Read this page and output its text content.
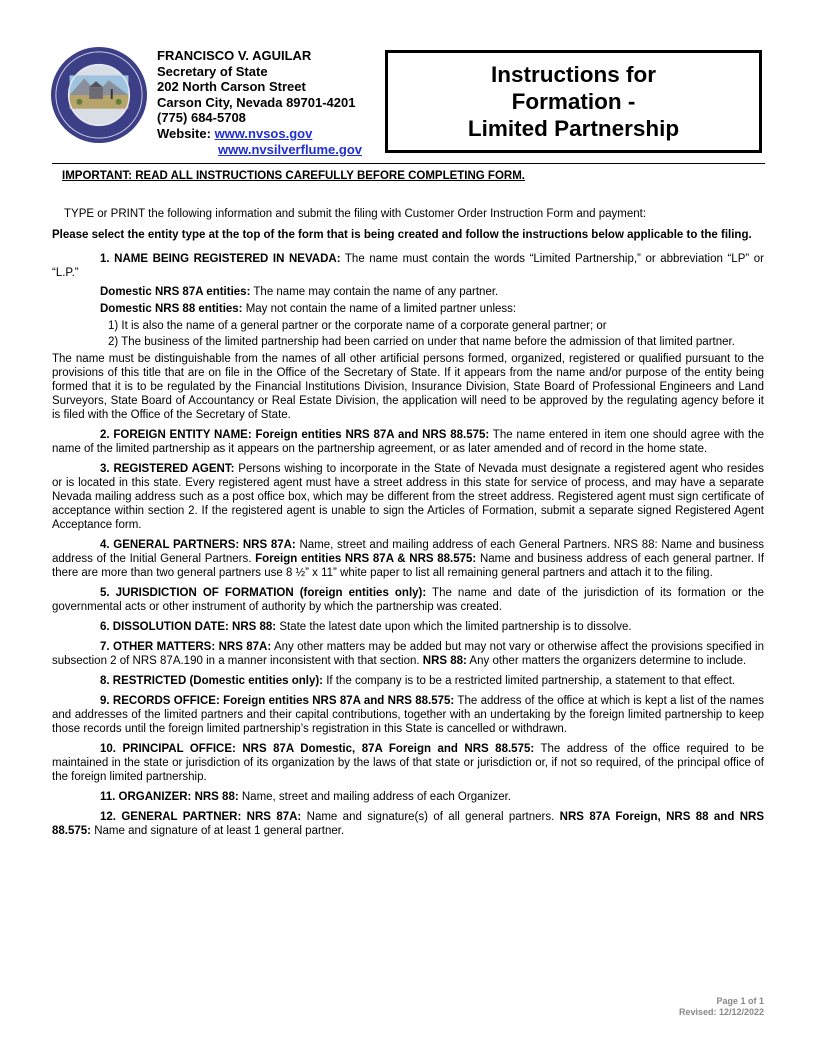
FRANCISCO V. AGUILAR
Secretary of State
202 North Carson Street
Carson City, Nevada 89701-4201
(775) 684-5708
Website: www.nvsos.gov
www.nvsilverflume.gov
Instructions for
Formation -
Limited Partnership
IMPORTANT: READ ALL INSTRUCTIONS CAREFULLY BEFORE COMPLETING FORM.

TYPE or PRINT the following information and submit the filing with Customer Order Instruction Form and payment:

Please select the entity type at the top of the form that is being created and follow the instructions below applicable to the filing.

1. NAME BEING REGISTERED IN NEVADA: The name must contain the words “Limited Partnership,” or abbreviation “LP” or “L.P.”

Domestic NRS 87A entities: The name may contain the name of any partner.

Domestic NRS 88 entities: May not contain the name of a limited partner unless:

1) It is also the name of a general partner or the corporate name of a corporate general partner; or

2) The business of the limited partnership had been carried on under that name before the admission of that limited partner.

The name must be distinguishable from the names of all other artificial persons formed, organized, registered or qualified pursuant to the provisions of this title that are on file in the Office of the Secretary of State. If it appears from the name and/or purpose of the entity being formed that it is to be regulated by the Financial Institutions Division, Insurance Division, State Board of Professional Engineers and Land Surveyors, State Board of Accountancy or Real Estate Division, the application will need to be approved by the regulating agency before it is filed with the Office of the Secretary of State.

2. FOREIGN ENTITY NAME: Foreign entities NRS 87A and NRS 88.575: The name entered in item one should agree with the name of the limited partnership as it appears on the partnership agreement, or as later amended and of record in the home state.

3. REGISTERED AGENT: Persons wishing to incorporate in the State of Nevada must designate a registered agent who resides or is located in this state. Every registered agent must have a street address in this state for service of process, and may have a separate Nevada mailing address such as a post office box, which may be different from the street address. Registered agent must sign certificate of acceptance within section 2. If the registered agent is unable to sign the Articles of Formation, submit a separate signed Registered Agent Acceptance form.

4. GENERAL PARTNERS: NRS 87A: Name, street and mailing address of each General Partners. NRS 88: Name and business address of the Initial General Partners. Foreign entities NRS 87A & NRS 88.575: Name and business address of each general partner. If there are more than two general partners use 8 ½” x 11” white paper to list all remaining general partners and attach it to the filing.

5. JURISDICTION OF FORMATION (foreign entities only): The name and date of the jurisdiction of its formation or the governmental acts or other instrument of authority by which the partnership was created.

6. DISSOLUTION DATE: NRS 88: State the latest date upon which the limited partnership is to dissolve.

7. OTHER MATTERS: NRS 87A: Any other matters may be added but may not vary or otherwise affect the provisions specified in subsection 2 of NRS 87A.190 in a manner inconsistent with that section. NRS 88: Any other matters the organizers determine to include.

8. RESTRICTED (Domestic entities only): If the company is to be a restricted limited partnership, a statement to that effect.

9. RECORDS OFFICE: Foreign entities NRS 87A and NRS 88.575: The address of the office at which is kept a list of the names and addresses of the limited partners and their capital contributions, together with an undertaking by the foreign limited partnership to keep those records until the foreign limited partnership’s registration in this State is cancelled or withdrawn.

10. PRINCIPAL OFFICE: NRS 87A Domestic, 87A Foreign and NRS 88.575: The address of the office required to be maintained in the state or jurisdiction of its organization by the laws of that state or jurisdiction or, if not so required, of the principal office of the foreign limited partnership.

11. ORGANIZER: NRS 88: Name, street and mailing address of each Organizer.

12. GENERAL PARTNER: NRS 87A: Name and signature(s) of all general partners. NRS 87A Foreign, NRS 88 and NRS 88.575: Name and signature of at least 1 general partner.

Page 1 of 1
Revised: 12/12/2022
